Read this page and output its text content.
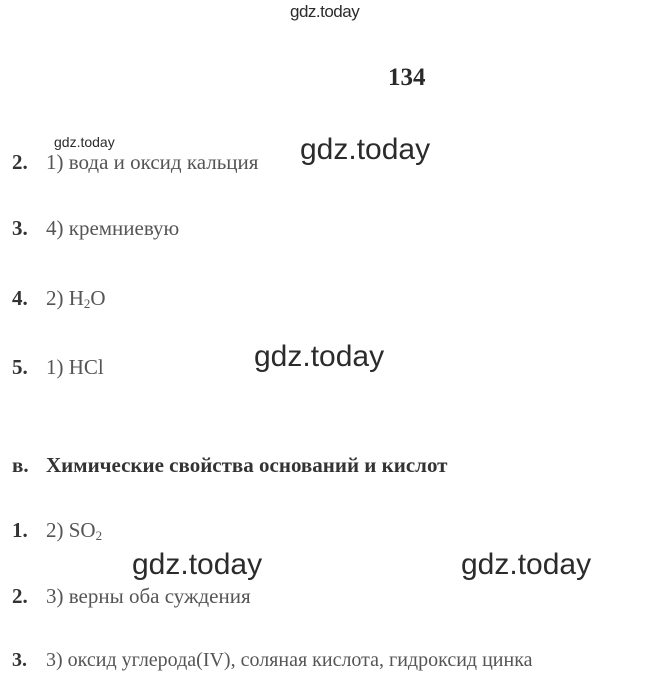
gdz.today
134
gdz.today	gdz.today
2. 1) вода и оксид кальция
3. 4) кремниевую
4. 2) $H_2O$
gdz.today
5. 1) HCl
в. Химические свойства оснований и кислот
1. 2) $SO_2$
gdz.today	gdz.today
2. 3) верны оба суждения
3. 3) оксид углерода(IV), соляная кислота, гидроксид цинка
